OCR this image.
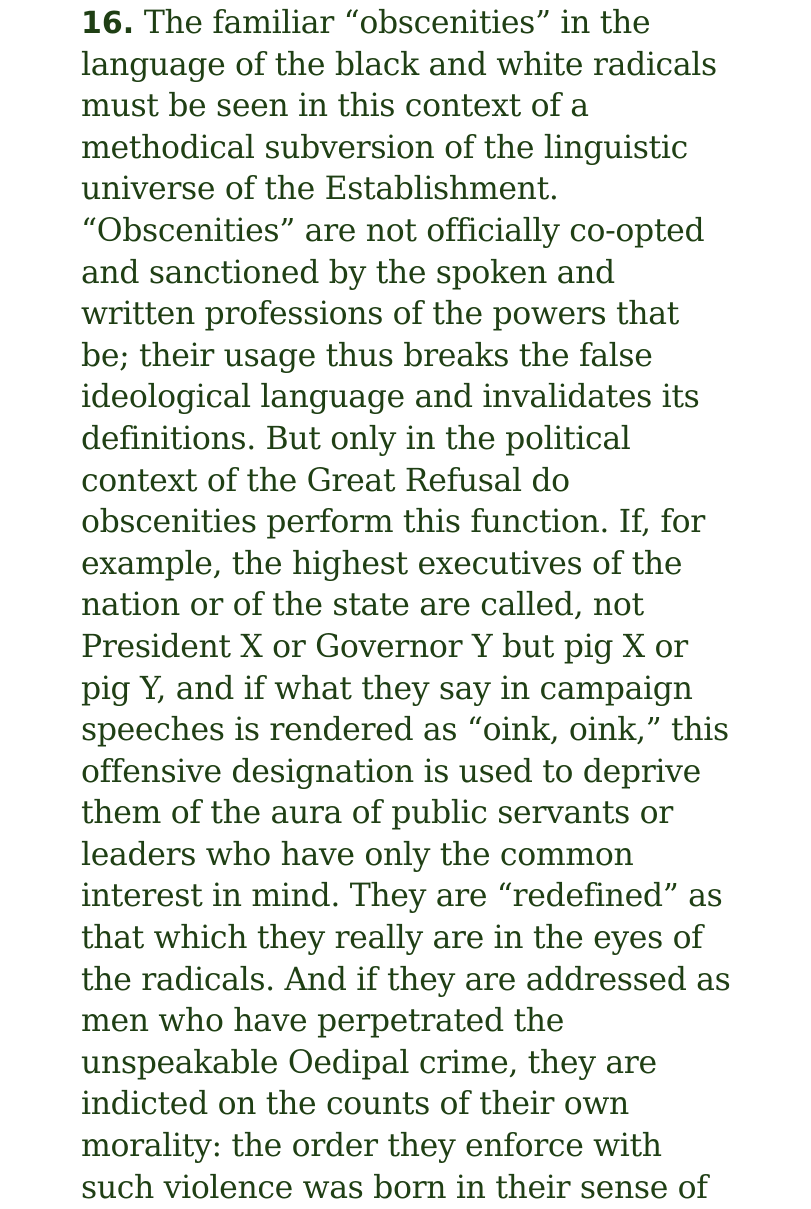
16. The familiar “obscenities” in the
language of the black and white radicals
must be seen in this context of a
methodical subversion of the linguistic
universe of the Establishment.
“Obscenities” are not officially co-opted
and sanctioned by the spoken and
written professions of the powers that
be; their usage thus breaks the false
ideological language and invalidates its
definitions. But only in the political
context of the Great Refusal do
obscenities perform this function. If, for
example, the highest executives of the
nation or of the state are called, not
President X or Governor Y but pig X or
pig Y, and if what they say in campaign
speeches is rendered as “oink, oink,” this
offensive designation is used to deprive
them of the aura of public servants or
leaders who have only the common
interest in mind. They are “redefined” as
that which they really are in the eyes of
the radicals. And if they are addressed as
men who have perpetrated the
unspeakable Oedipal crime, they are
indicted on the counts of their own
morality: the order they enforce with
such violence was born in their sense of
